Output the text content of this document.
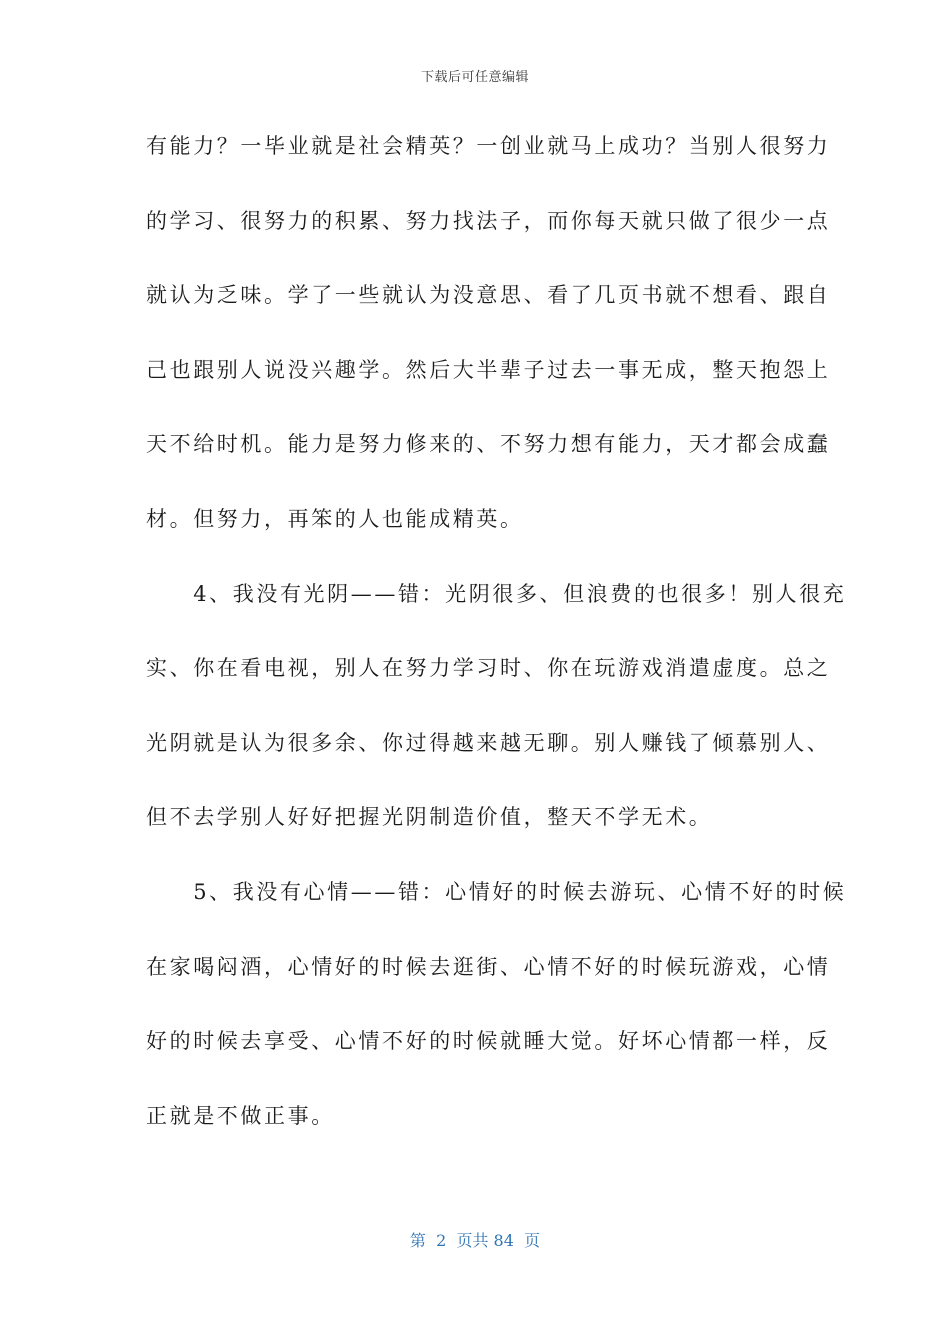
下载后可任意编辑
有能力？一毕业就是社会精英？一创业就马上成功？当别人很努力
的学习、很努力的积累、努力找法子，而你每天就只做了很少一点
就认为乏味。学了一些就认为没意思、看了几页书就不想看、跟自
己也跟别人说没兴趣学。然后大半辈子过去一事无成，整天抱怨上
天不给时机。能力是努力修来的、不努力想有能力，天才都会成蠢
材。但努力，再笨的人也能成精英。
　　4、我没有光阴——错：光阴很多、但浪费的也很多！别人很充
实、你在看电视，别人在努力学习时、你在玩游戏消遣虚度。总之
光阴就是认为很多余、你过得越来越无聊。别人赚钱了倾慕别人、
但不去学别人好好把握光阴制造价值，整天不学无术。
　　5、我没有心情——错：心情好的时候去游玩、心情不好的时候
在家喝闷酒，心情好的时候去逛街、心情不好的时候玩游戏，心情
好的时候去享受、心情不好的时候就睡大觉。好坏心情都一样，反
正就是不做正事。
第  2  页共 84  页
